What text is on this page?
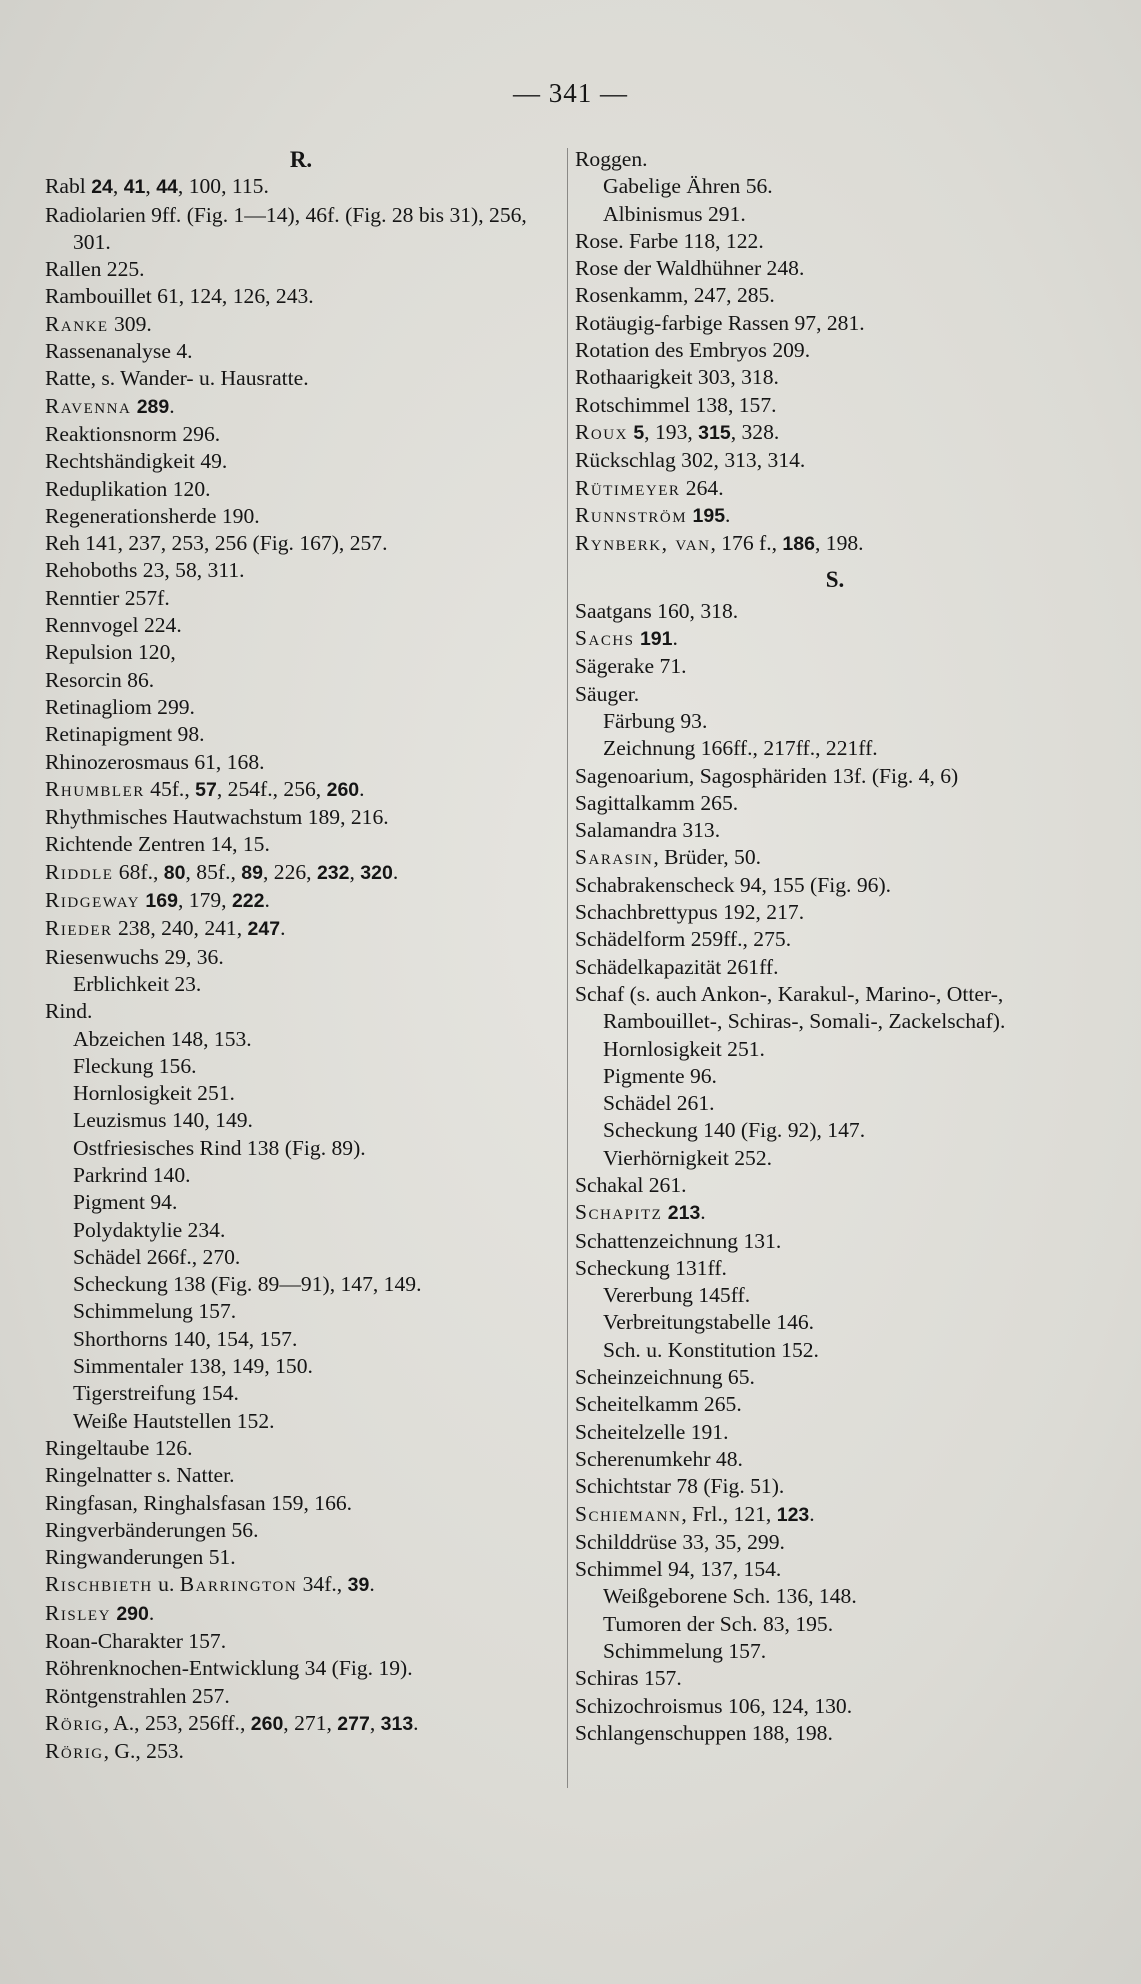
— 341 —
R.
Rabl 24, 41, 44, 100, 115.
Radiolarien 9ff. (Fig. 1—14), 46f. (Fig. 28 bis 31), 256, 301.
Rallen 225.
Rambouillet 61, 124, 126, 243.
Ranke 309.
Rassenanalyse 4.
Ratte, s. Wander- u. Hausratte.
Ravenna 289.
Reaktionsnorm 296.
Rechtshändigkeit 49.
Reduplikation 120.
Regenerationsherde 190.
Reh 141, 237, 253, 256 (Fig. 167), 257.
Rehoboths 23, 58, 311.
Renntier 257f.
Rennvogel 224.
Repulsion 120,
Resorcin 86.
Retinagliom 299.
Retinapigment 98.
Rhinozerosmaus 61, 168.
Rhumbler 45f., 57, 254f., 256, 260.
Rhythmisches Hautwachstum 189, 216.
Richtende Zentren 14, 15.
Riddle 68f., 80, 85f., 89, 226, 232, 320.
Ridgeway 169, 179, 222.
Rieder 238, 240, 241, 247.
Riesenwuchs 29, 36.
Erblichkeit 23.
Rind.
Abzeichen 148, 153.
Fleckung 156.
Hornlosigkeit 251.
Leuzismus 140, 149.
Ostfriesisches Rind 138 (Fig. 89).
Parkrind 140.
Pigment 94.
Polydaktylie 234.
Schädel 266f., 270.
Scheckung 138 (Fig. 89—91), 147, 149.
Schimmelung 157.
Shorthorns 140, 154, 157.
Simmentaler 138, 149, 150.
Tigerstreifung 154.
Weiße Hautstellen 152.
Ringeltaube 126.
Ringelnatter s. Natter.
Ringfasan, Ringhalsfasan 159, 166.
Ringverbänderungen 56.
Ringwanderungen 51.
Rischbieth u. Barrington 34f., 39.
Risley 290.
Roan-Charakter 157.
Röhrenknochen-Entwicklung 34 (Fig. 19).
Röntgenstrahlen 257.
Rörig, A., 253, 256ff., 260, 271, 277, 313.
Rörig, G., 253.
Roggen.
Gabelige Ähren 56.
Albinismus 291.
Rose. Farbe 118, 122.
Rose der Waldhühner 248.
Rosenkamm, 247, 285.
Rotäugig-farbige Rassen 97, 281.
Rotation des Embryos 209.
Rothaarigkeit 303, 318.
Rotschimmel 138, 157.
Roux 5, 193, 315, 328.
Rückschlag 302, 313, 314.
Rütimeyer 264.
Runnström 195.
Rynberk, van, 176 f., 186, 198.
S.
Saatgans 160, 318.
Sachs 191.
Sägerake 71.
Säuger.
Färbung 93.
Zeichnung 166ff., 217ff., 221ff.
Sagenoarium, Sagosphäriden 13f. (Fig. 4, 6)
Sagittalkamm 265.
Salamandra 313.
Sarasin, Brüder, 50.
Schabrakenscheck 94, 155 (Fig. 96).
Schachbrettypus 192, 217.
Schädelform 259ff., 275.
Schädelkapazität 261ff.
Schaf (s. auch Ankon-, Karakul-, Marino-, Otter-, Rambouillet-, Schiras-, Somali-, Zackelschaf).
Hornlosigkeit 251.
Pigmente 96.
Schädel 261.
Scheckung 140 (Fig. 92), 147.
Vierhörnigkeit 252.
Schakal 261.
Schapitz 213.
Schattenzeichnung 131.
Scheckung 131ff.
Vererbung 145ff.
Verbreitungstabelle 146.
Sch. u. Konstitution 152.
Scheinzeichnung 65.
Scheitelkamm 265.
Scheitelzelle 191.
Scherenumkehr 48.
Schichtstar 78 (Fig. 51).
Schiemann, Frl., 121, 123.
Schilddrüse 33, 35, 299.
Schimmel 94, 137, 154.
Weißgeborene Sch. 136, 148.
Tumoren der Sch. 83, 195.
Schimmelung 157.
Schiras 157.
Schizochroismus 106, 124, 130.
Schlangenschuppen 188, 198.
